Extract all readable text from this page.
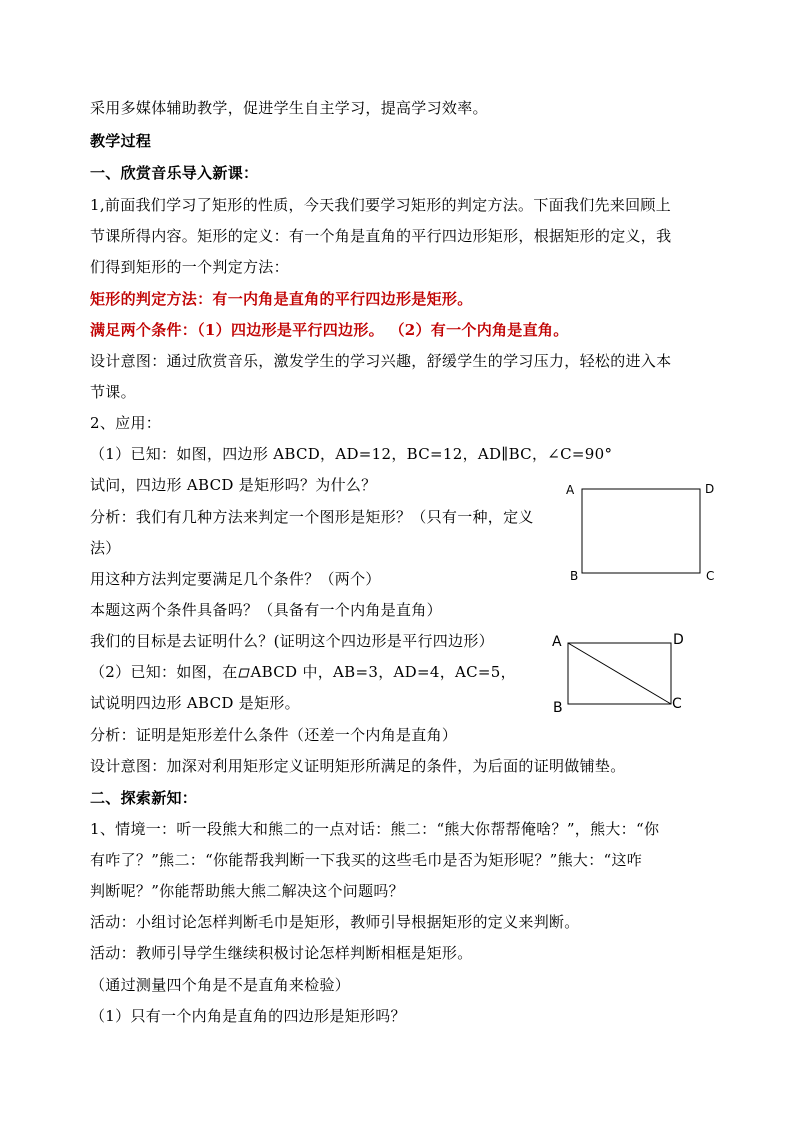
采用多媒体辅助教学，促进学生自主学习，提高学习效率。
教学过程
一、欣赏音乐导入新课：
1,前面我们学习了矩形的性质，今天我们要学习矩形的判定方法。下面我们先来回顾上
节课所得内容。矩形的定义：有一个角是直角的平行四边形矩形，根据矩形的定义，我
们得到矩形的一个判定方法：
矩形的判定方法：有一内角是直角的平行四边形是矩形。
满足两个条件：（1）四边形是平行四边形。 （2）有一个内角是直角。
设计意图：通过欣赏音乐，激发学生的学习兴趣，舒缓学生的学习压力，轻松的进入本
节课。
2、应用：
（1）已知：如图，四边形 ABCD，AD=12，BC=12，AD∥BC，∠C=90°
试问，四边形 ABCD 是矩形吗？为什么？
分析：我们有几种方法来判定一个图形是矩形？（只有一种，定义
法）
用这种方法判定要满足几个条件？（两个）
本题这两个条件具备吗？（具备有一个内角是直角）
我们的目标是去证明什么？(证明这个四边形是平行四边形）
（2）已知：如图，在 ABCD 中，AB=3，AD=4，AC=5，
试说明四边形 ABCD 是矩形。
分析：证明是矩形差什么条件（还差一个内角是直角）
设计意图：加深对利用矩形定义证明矩形所满足的条件，为后面的证明做铺垫。
二、探索新知：
1、情境一：听一段熊大和熊二的一点对话：熊二：“熊大你帮帮俺啥？”，熊大：“你
有咋了？”熊二：“你能帮我判断一下我买的这些毛巾是否为矩形呢？”熊大：“这咋
判断呢？”你能帮助熊大熊二解决这个问题吗？
活动：小组讨论怎样判断毛巾是矩形，教师引导根据矩形的定义来判断。
活动：教师引导学生继续积极讨论怎样判断相框是矩形。
（通过测量四个角是不是直角来检验）
（1）只有一个内角是直角的四边形是矩形吗？
A	D
B	C
A	D
B	C
